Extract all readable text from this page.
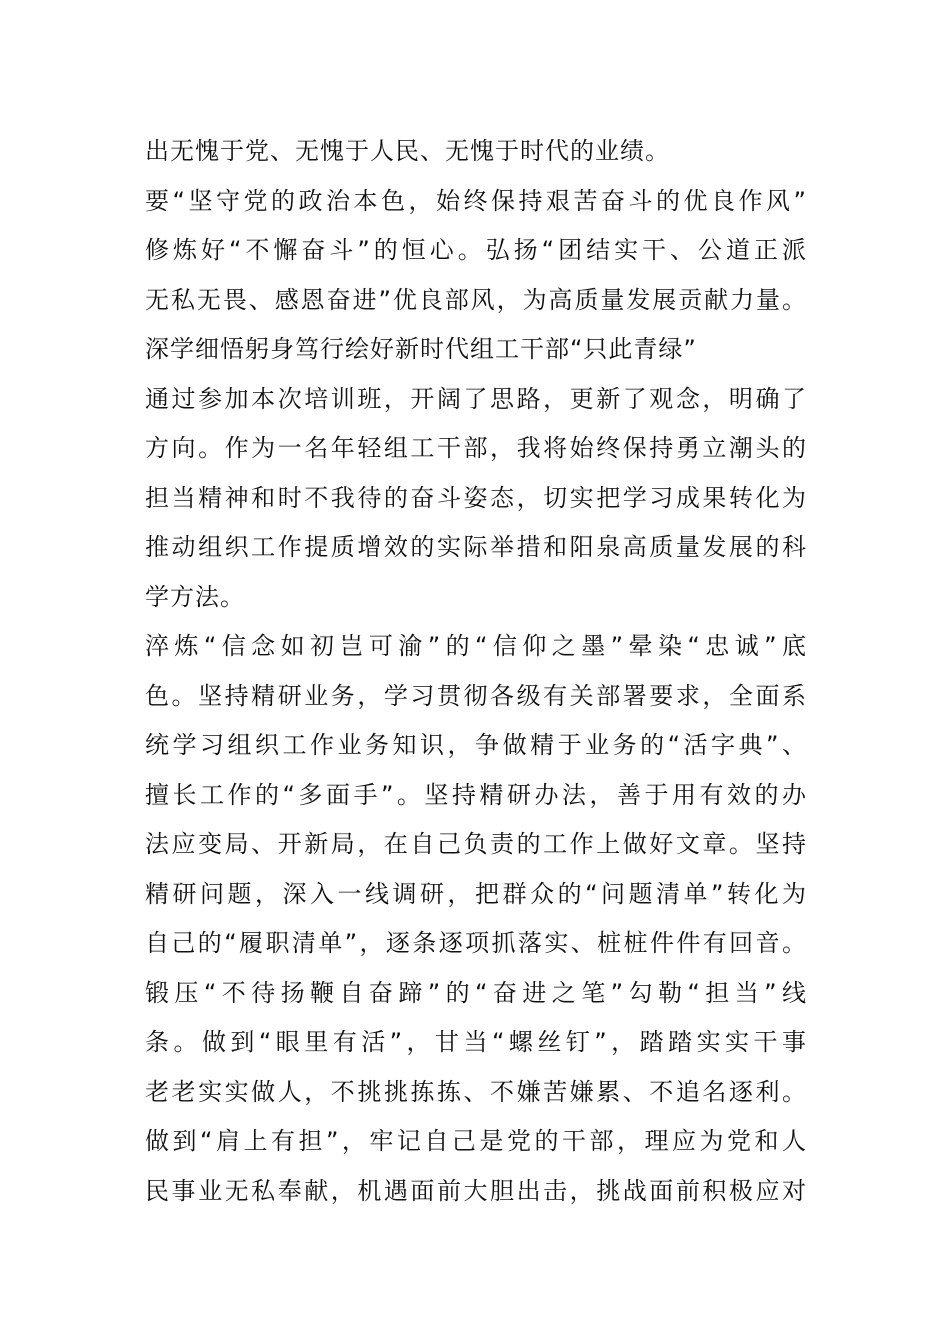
出无愧于党、无愧于人民、无愧于时代的业绩。
要“坚守党的政治本色，始终保持艰苦奋斗的优良作风”
修炼好“不懈奋斗”的恒心。弘扬“团结实干、公道正派
无私无畏、感恩奋进”优良部风，为高质量发展贡献力量。
深学细悟躬身笃行绘好新时代组工干部“只此青绿”
通过参加本次培训班，开阔了思路，更新了观念，明确了
方向。作为一名年轻组工干部，我将始终保持勇立潮头的
担当精神和时不我待的奋斗姿态，切实把学习成果转化为
推动组织工作提质增效的实际举措和阳泉高质量发展的科
学方法。
淬炼“信念如初岂可渝”的“信仰之墨”晕染“忠诚”底
色。坚持精研业务，学习贯彻各级有关部署要求，全面系
统学习组织工作业务知识，争做精于业务的“活字典”、
擅长工作的“多面手”。坚持精研办法，善于用有效的办
法应变局、开新局，在自己负责的工作上做好文章。坚持
精研问题，深入一线调研，把群众的“问题清单”转化为
自己的“履职清单”，逐条逐项抓落实、桩桩件件有回音。
锻压“不待扬鞭自奋蹄”的“奋进之笔”勾勒“担当”线
条。做到“眼里有活”，甘当“螺丝钉”，踏踏实实干事
老老实实做人，不挑挑拣拣、不嫌苦嫌累、不追名逐利。
做到“肩上有担”，牢记自己是党的干部，理应为党和人
民事业无私奉献，机遇面前大胆出击，挑战面前积极应对
